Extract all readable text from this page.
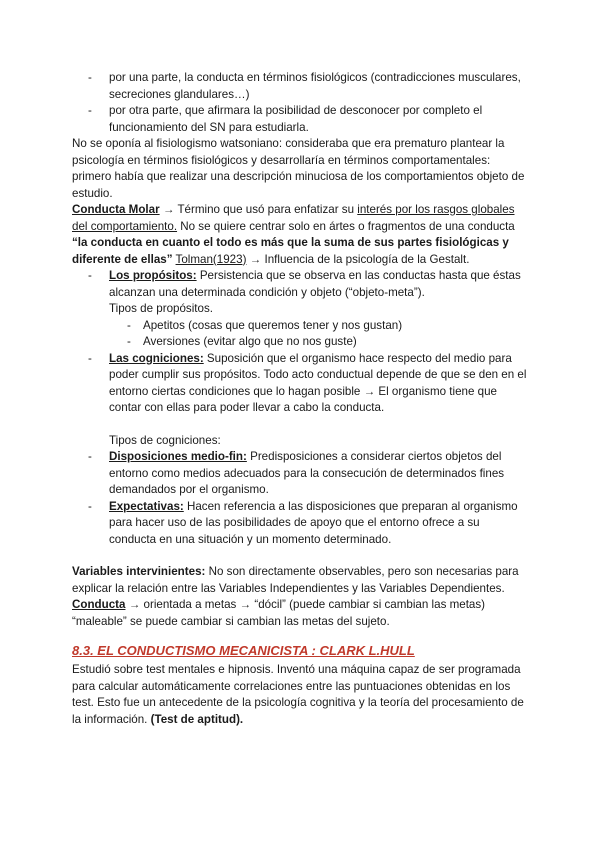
- por una parte, la conducta en términos fisiológicos (contradicciones musculares, secreciones glandulares…)
- por otra parte, que afirmara la posibilidad de desconocer por completo el funcionamiento del SN para estudiarla.
No se oponía al fisiologismo watsoniano: consideraba que era prematuro plantear la psicología en términos fisiológicos y desarrollaría en términos comportamentales: primero había que realizar una descripción minuciosa de los comportamientos objeto de estudio.
Conducta Molar → Término que usó para enfatizar su interés por los rasgos globales del comportamiento. No se quiere centrar solo en ártes o fragmentos de una conducta “la conducta en cuanto el todo es más que la suma de sus partes fisiológicas y diferente de ellas” Tolman(1923) → Influencia de la psicología de la Gestalt.
- Los propósitos: Persistencia que se observa en las conductas hasta que éstas alcanzan una determinada condición y objeto (“objeto-meta”).
Tipos de propósitos.
- Apetitos (cosas que queremos tener y nos gustan)
- Aversiones (evitar algo que no nos guste)
- Las cogniciones: Suposición que el organismo hace respecto del medio para poder cumplir sus propósitos. Todo acto conductual depende de que se den en el entorno ciertas condiciones que lo hagan posible → El organismo tiene que contar con ellas para poder llevar a cabo la conducta.
Tipos de cogniciones:
- Disposiciones medio-fin: Predisposiciones a considerar ciertos objetos del entorno como medios adecuados para la consecución de determinados fines demandados por el organismo.
- Expectativas: Hacen referencia a las disposiciones que preparan al organismo para hacer uso de las posibilidades de apoyo que el entorno ofrece a su conducta en una situación y un momento determinado.
Variables intervinientes: No son directamente observables, pero son necesarias para explicar la relación entre las Variables Independientes y las Variables Dependientes.
Conducta → orientada a metas → “dócil” (puede cambiar si cambian las metas)
“maleable” se puede cambiar si cambian las metas del sujeto.
8.3. EL CONDUCTISMO MECANICISTA : CLARK L.HULL
Estudió sobre test mentales e hipnosis. Inventó una máquina capaz de ser programada para calcular automáticamente correlaciones entre las puntuaciones obtenidas en los test. Esto fue un antecedente de la psicología cognitiva y la teoría del procesamiento de la información. (Test de aptitud).
